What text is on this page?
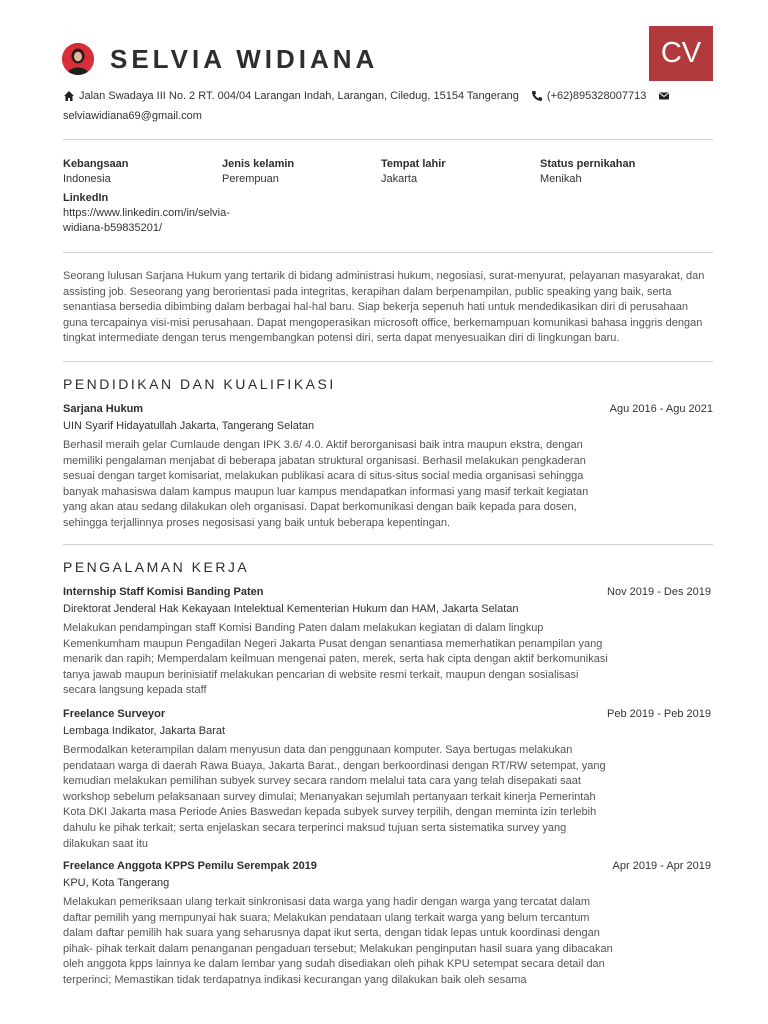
SELVIA WIDIANA	CV
Jalan Swadaya III No. 2 RT. 004/04 Larangan Indah, Larangan, Ciledug, 15154 Tangerang	(+62)895328007713
selviawidiana69@gmail.com
Kebangsaan
Indonesia
Jenis kelamin
Perempuan
Tempat lahir
Jakarta
Status pernikahan
Menikah
LinkedIn
https://www.linkedin.com/in/selvia-widiana-b59835201/

Seorang lulusan Sarjana Hukum yang tertarik di bidang administrasi hukum, negosiasi, surat-menyurat, pelayanan masyarakat, dan assisting job. Seseorang yang berorientasi pada integritas, kerapihan dalam berpenampilan, public speaking yang baik, serta senantiasa bersedia dibimbing dalam berbagai hal-hal baru. Siap bekerja sepenuh hati untuk mendedikasikan diri di perusahaan guna tercapainya visi-misi perusahaan. Dapat mengoperasikan microsoft office, berkemampuan komunikasi bahasa inggris dengan tingkat intermediate dengan terus mengembangkan potensi diri, serta dapat menyesuaikan diri di lingkungan baru.

PENDIDIKAN DAN KUALIFIKASI
Sarjana Hukum	Agu 2016 - Agu 2021
UIN Syarif Hidayatullah Jakarta, Tangerang Selatan
Berhasil meraih gelar Cumlaude dengan IPK 3.6/ 4.0. Aktif berorganisasi baik intra maupun ekstra, dengan memiliki pengalaman menjabat di beberapa jabatan struktural organisasi. Berhasil melakukan pengkaderan sesuai dengan target komisariat, melakukan publikasi acara di situs-situs social media organisasi sehingga banyak mahasiswa dalam kampus maupun luar kampus mendapatkan informasi yang masif terkait kegiatan yang akan atau sedang dilakukan oleh organisasi. Dapat berkomunikasi dengan baik kepada para dosen, sehingga terjallinnya proses negosisasi yang baik untuk beberapa kepentingan.
PENGALAMAN KERJA
Internship Staff Komisi Banding Paten	Nov 2019 - Des 2019
Direktorat Jenderal Hak Kekayaan Intelektual Kementerian Hukum dan HAM, Jakarta Selatan
Melakukan pendampingan staff Komisi Banding Paten dalam melakukan kegiatan di dalam lingkup Kemenkumham maupun Pengadilan Negeri Jakarta Pusat dengan senantiasa memerhatikan penampilan yang menarik dan rapih; Memperdalam keilmuan mengenai paten, merek, serta hak cipta dengan aktif berkomunikasi tanya jawab maupun berinisiatif melakukan pencarian di website resmi terkait, maupun dengan sosialisasi secara langsung kepada staff
Freelance Surveyor	Peb 2019 - Peb 2019
Lembaga Indikator, Jakarta Barat
Bermodalkan keterampilan dalam menyusun data dan penggunaan komputer. Saya bertugas melakukan pendataan warga di daerah Rawa Buaya, Jakarta Barat., dengan berkoordinasi dengan RT/RW setempat, yang kemudian melakukan pemilihan subyek survey secara random melalui tata cara yang telah disepakati saat workshop sebelum pelaksanaan survey dimulai; Menanyakan sejumlah pertanyaan terkait kinerja Pemerintah Kota DKI Jakarta masa Periode Anies Baswedan kepada subyek survey terpilih, dengan meminta izin terlebih dahulu ke pihak terkait; serta enjelaskan secara terperinci maksud tujuan serta sistematika survey yang dilakukan saat itu
Freelance Anggota KPPS Pemilu Serempak 2019	Apr 2019 - Apr 2019
KPU, Kota Tangerang
Melakukan pemeriksaan ulang terkait sinkronisasi data warga yang hadir dengan warga yang tercatat dalam daftar pemilih yang mempunyai hak suara; Melakukan pendataan ulang terkait warga yang belum tercantum dalam daftar pemilih hak suara yang seharusnya dapat ikut serta, dengan tidak lepas untuk koordinasi dengan pihak- pihak terkait dalam penanganan pengaduan tersebut; Melakukan penginputan hasil suara yang dibacakan oleh anggota kpps lainnya ke dalam lembar yang sudah disediakan oleh pihak KPU setempat secara detail dan terperinci; Memastikan tidak terdapatnya indikasi kecurangan yang dilakukan baik oleh sesama
